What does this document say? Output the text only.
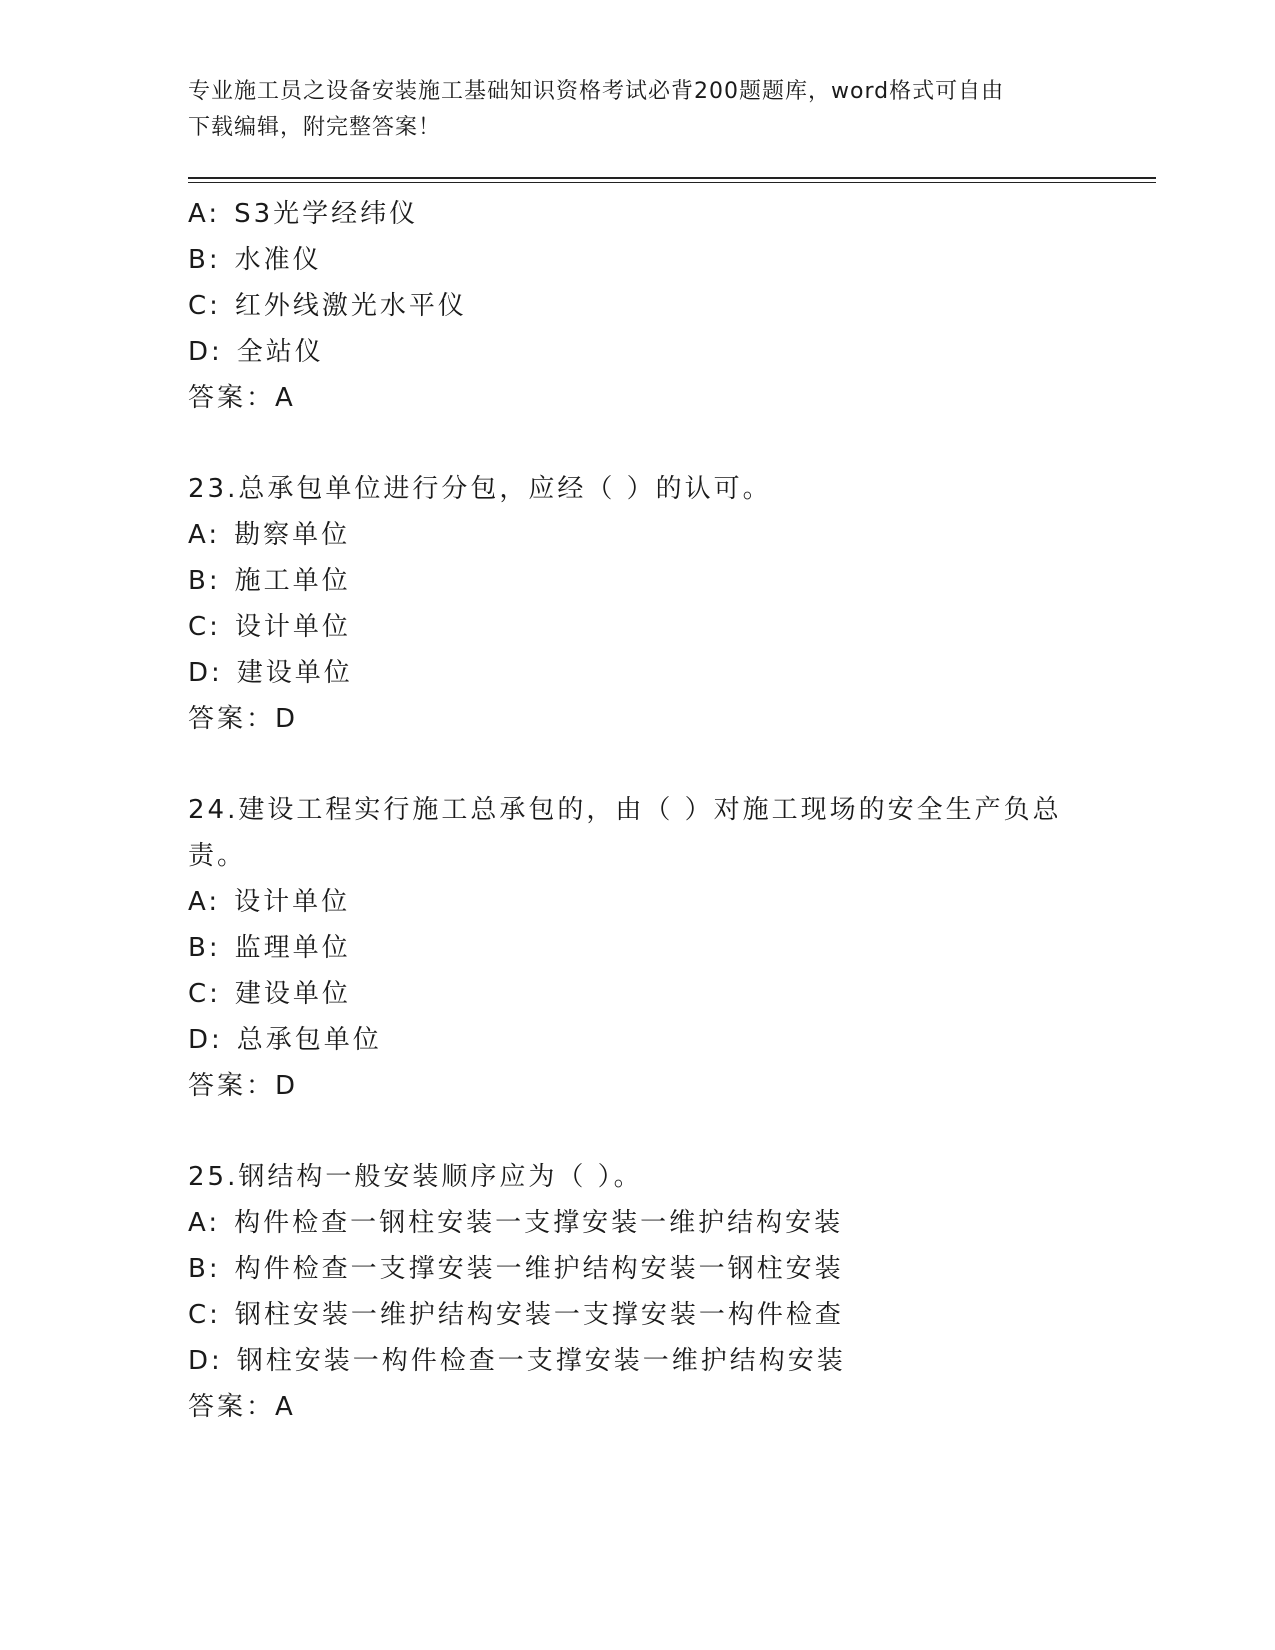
专业施工员之设备安装施工基础知识资格考试必背200题题库，word格式可自由
下载编辑，附完整答案！
A: S3光学经纬仪
B: 水准仪
C: 红外线激光水平仪
D: 全站仪
答案：A
23.总承包单位进行分包，应经（ ）的认可。
A: 勘察单位
B: 施工单位
C: 设计单位
D: 建设单位
答案：D
24.建设工程实行施工总承包的，由（ ）对施工现场的安全生产负总责。
A: 设计单位
B: 监理单位
C: 建设单位
D: 总承包单位
答案：D
25.钢结构一般安装顺序应为（ ）。
A: 构件检查一钢柱安装一支撑安装一维护结构安装
B: 构件检查一支撑安装一维护结构安装一钢柱安装
C: 钢柱安装一维护结构安装一支撑安装一构件检查
D: 钢柱安装一构件检查一支撑安装一维护结构安装
答案：A
